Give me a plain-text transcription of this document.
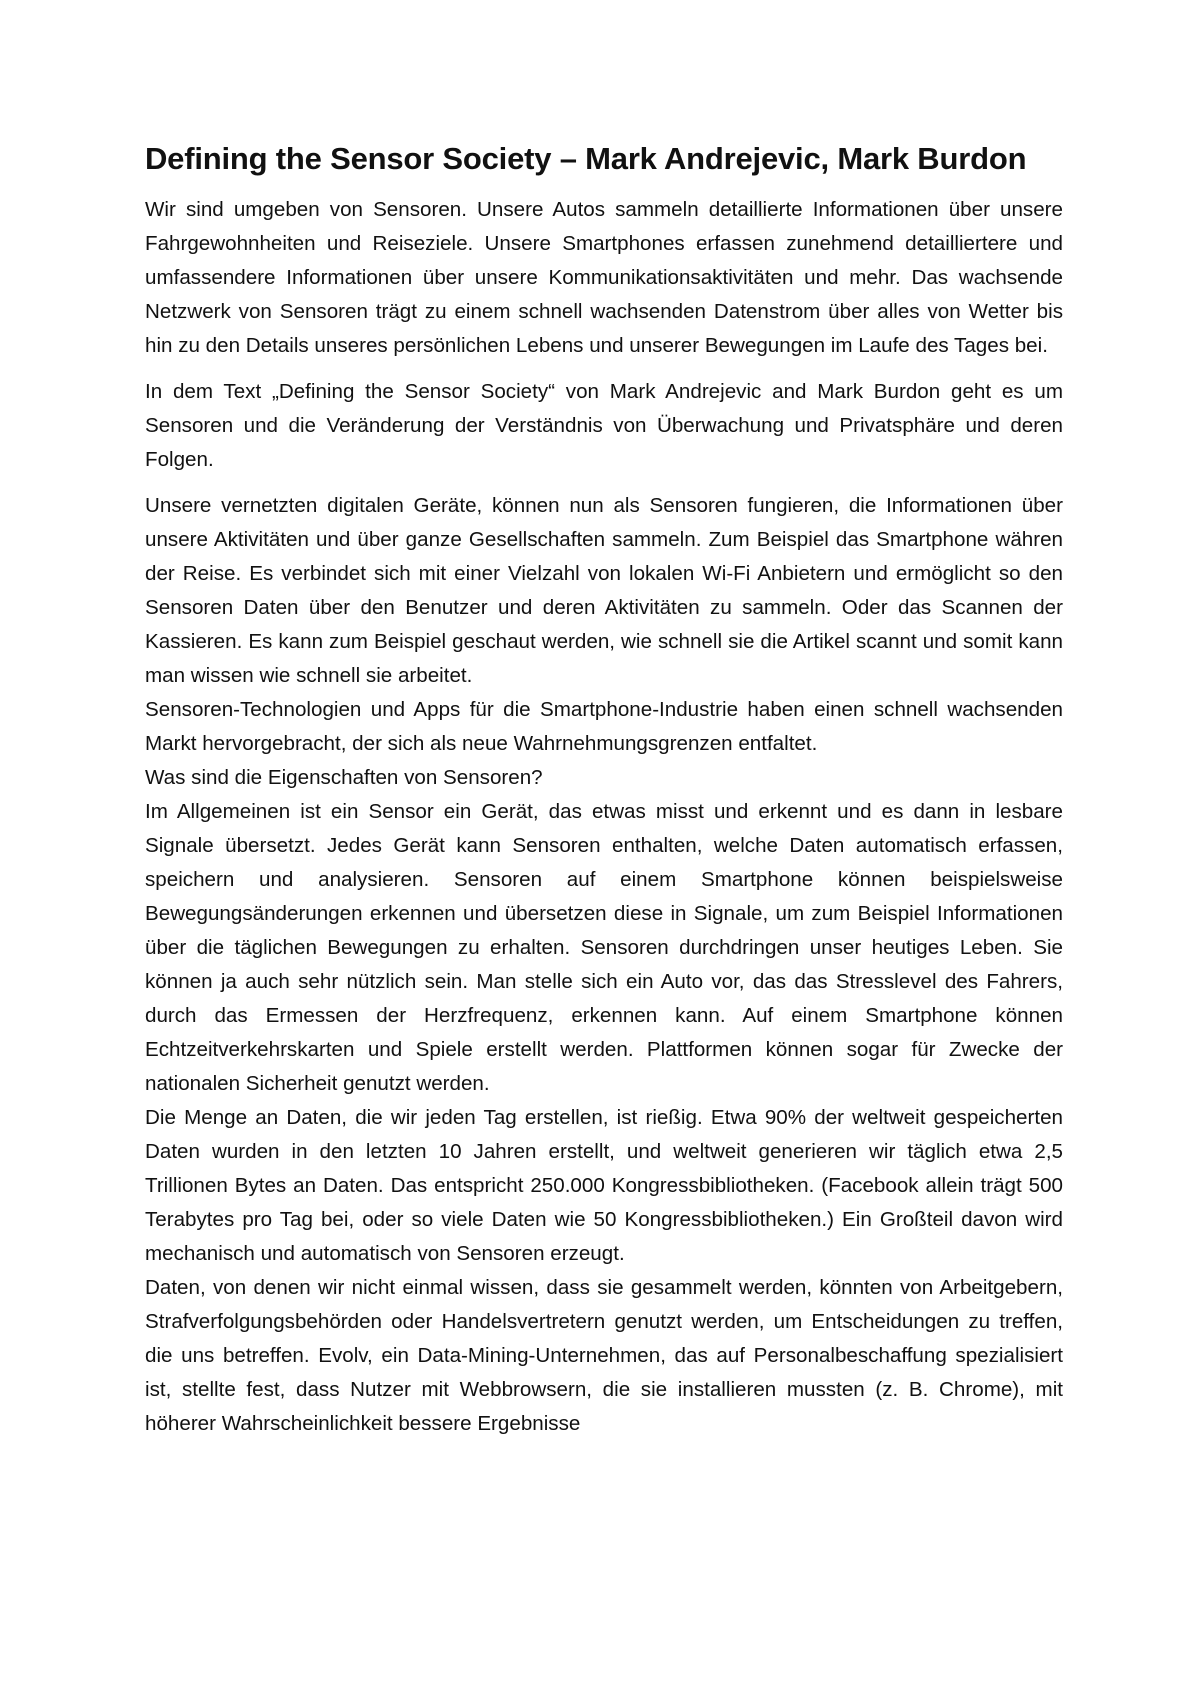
Defining the Sensor Society – Mark Andrejevic, Mark Burdon

Wir sind umgeben von Sensoren. Unsere Autos sammeln detaillierte Informationen über unsere Fahrgewohnheiten und Reiseziele. Unsere Smartphones erfassen zunehmend detailliertere und umfassendere Informationen über unsere Kommunikationsaktivitäten und mehr. Das wachsende Netzwerk von Sensoren trägt zu einem schnell wachsenden Datenstrom über alles von Wetter bis hin zu den Details unseres persönlichen Lebens und unserer Bewegungen im Laufe des Tages bei.

In dem Text „Defining the Sensor Society“ von Mark Andrejevic and Mark Burdon geht es um Sensoren und die Veränderung der Verständnis von Überwachung und Privatsphäre und deren Folgen.

Unsere vernetzten digitalen Geräte, können nun als Sensoren fungieren, die Informationen über unsere Aktivitäten und über ganze Gesellschaften sammeln. Zum Beispiel das Smartphone währen der Reise. Es verbindet sich mit einer Vielzahl von lokalen Wi-Fi Anbietern und ermöglicht so den Sensoren Daten über den Benutzer und deren Aktivitäten zu sammeln. Oder das Scannen der Kassieren. Es kann zum Beispiel geschaut werden, wie schnell sie die Artikel scannt und somit kann man wissen wie schnell sie arbeitet.

Sensoren-Technologien und Apps für die Smartphone-Industrie haben einen schnell wachsenden Markt hervorgebracht, der sich als neue Wahrnehmungsgrenzen entfaltet.

Was sind die Eigenschaften von Sensoren?

Im Allgemeinen ist ein Sensor ein Gerät, das etwas misst und erkennt und es dann in lesbare Signale übersetzt. Jedes Gerät kann Sensoren enthalten, welche Daten automatisch erfassen, speichern und analysieren. Sensoren auf einem Smartphone können beispielsweise Bewegungsänderungen erkennen und übersetzen diese in Signale, um zum Beispiel Informationen über die täglichen Bewegungen zu erhalten. Sensoren durchdringen unser heutiges Leben. Sie können ja auch sehr nützlich sein. Man stelle sich ein Auto vor, das das Stresslevel des Fahrers, durch das Ermessen der Herzfrequenz, erkennen kann. Auf einem Smartphone können Echtzeitverkehrskarten und Spiele erstellt werden. Plattformen können sogar für Zwecke der nationalen Sicherheit genutzt werden.

Die Menge an Daten, die wir jeden Tag erstellen, ist rießig. Etwa 90% der weltweit gespeicherten Daten wurden in den letzten 10 Jahren erstellt, und weltweit generieren wir täglich etwa 2,5 Trillionen Bytes an Daten. Das entspricht 250.000 Kongressbibliotheken. (Facebook allein trägt 500 Terabytes pro Tag bei, oder so viele Daten wie 50 Kongressbibliotheken.) Ein Großteil davon wird mechanisch und automatisch von Sensoren erzeugt.

Daten, von denen wir nicht einmal wissen, dass sie gesammelt werden, könnten von Arbeitgebern, Strafverfolgungsbehörden oder Handelsvertretern genutzt werden, um Entscheidungen zu treffen, die uns betreffen. Evolv, ein Data-Mining-Unternehmen, das auf Personalbeschaffung spezialisiert ist, stellte fest, dass Nutzer mit Webbrowsern, die sie installieren mussten (z. B. Chrome), mit höherer Wahrscheinlichkeit bessere Ergebnisse
